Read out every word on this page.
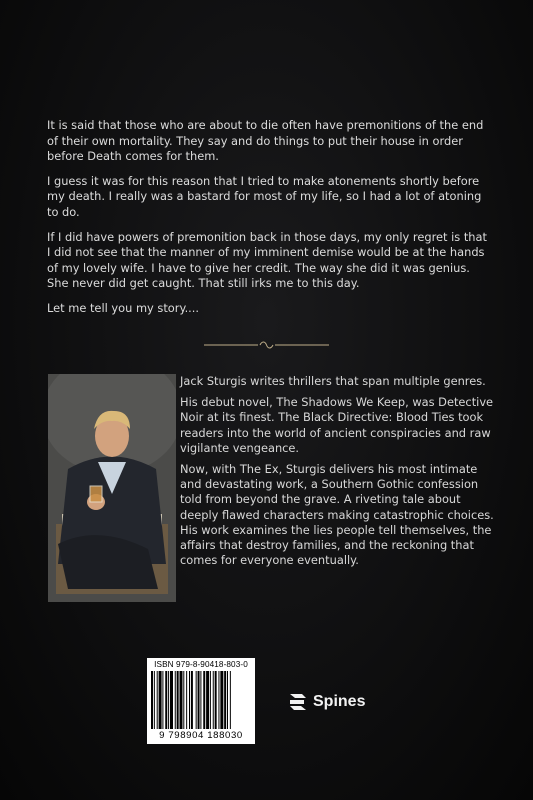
It is said that those who are about to die often have premonitions of the end of their own mortality. They say and do things to put their house in order before Death comes for them.

I guess it was for this reason that I tried to make atonements shortly before my death. I really was a bastard for most of my life, so I had a lot of atoning to do.

If I did have powers of premonition back in those days, my only regret is that I did not see that the manner of my imminent demise would be at the hands of my lovely wife. I have to give her credit. The way she did it was genius. She never did get caught. That still irks me to this day.

Let me tell you my story....

Jack Sturgis writes thrillers that span multiple genres.

His debut novel, The Shadows We Keep, was Detective Noir at its finest. The Black Directive: Blood Ties took readers into the world of ancient conspiracies and raw vigilante vengeance.

Now, with The Ex, Sturgis delivers his most intimate and devastating work, a Southern Gothic confession told from beyond the grave. A riveting tale about deeply flawed characters making catastrophic choices. His work examines the lies people tell themselves, the affairs that destroy families, and the reckoning that comes for everyone eventually.

ISBN 979-8-90418-803-0
9 798904 188030
Spines
